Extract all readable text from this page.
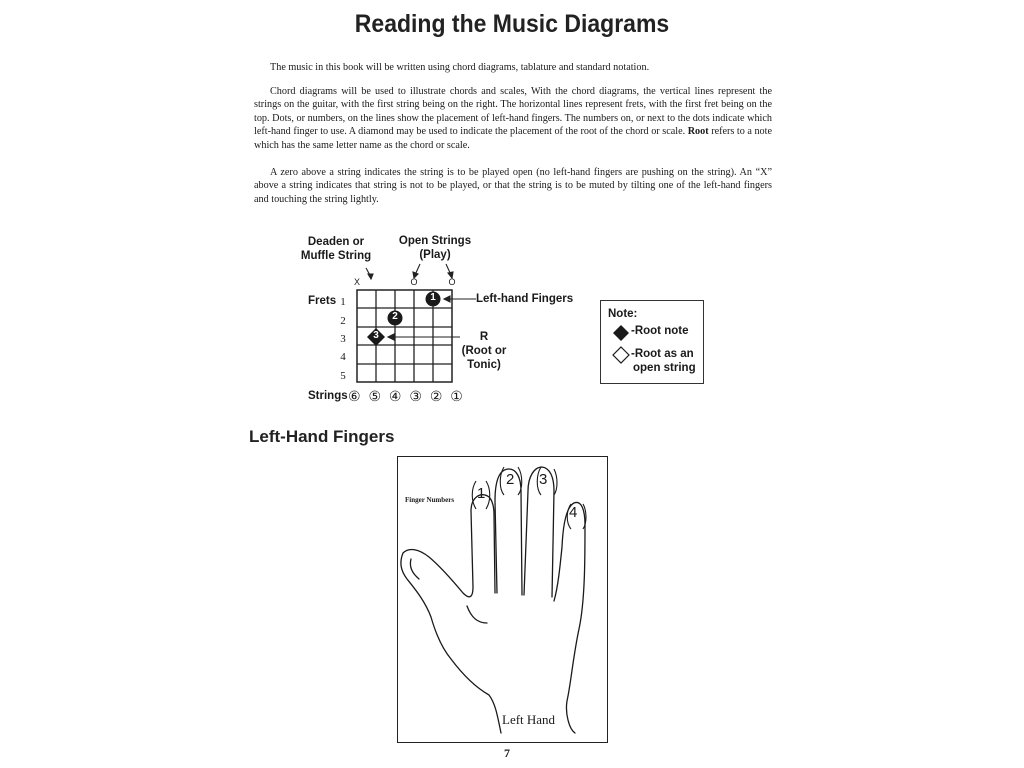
Reading the Music Diagrams

The music in this book will be written using chord diagrams, tablature and standard notation.

Chord diagrams will be used to illustrate chords and scales, With the chord diagrams, the vertical lines represent the strings on the guitar, with the first string being on the right. The horizontal lines represent frets, with the first fret being on the top. Dots, or numbers, on the lines show the placement of left-hand fingers. The numbers on, or next to the dots indicate which left-hand finger to use. A diamond may be used to indicate the placement of the root of the chord or scale. Root refers to a note which has the same letter name as the chord or scale.

A zero above a string indicates the string is to be played open (no left-hand fingers are pushing on the string). An “X” above a string indicates that string is not to be played, or that the string is to be muted by tilting one of the left-hand fingers and touching the string lightly.

Deaden or
Muffle String
Open Strings
(Play)
Frets 1
2
3
4
5
X	O	O
1
2
3
Left-hand Fingers
R
(Root or
Tonic)
Strings ⑥ ⑤ ④ ③ ② ①
Note:
-Root note
-Root as an
open string
Left-Hand Fingers
Finger Numbers 1
2 3
4
Left Hand
7
